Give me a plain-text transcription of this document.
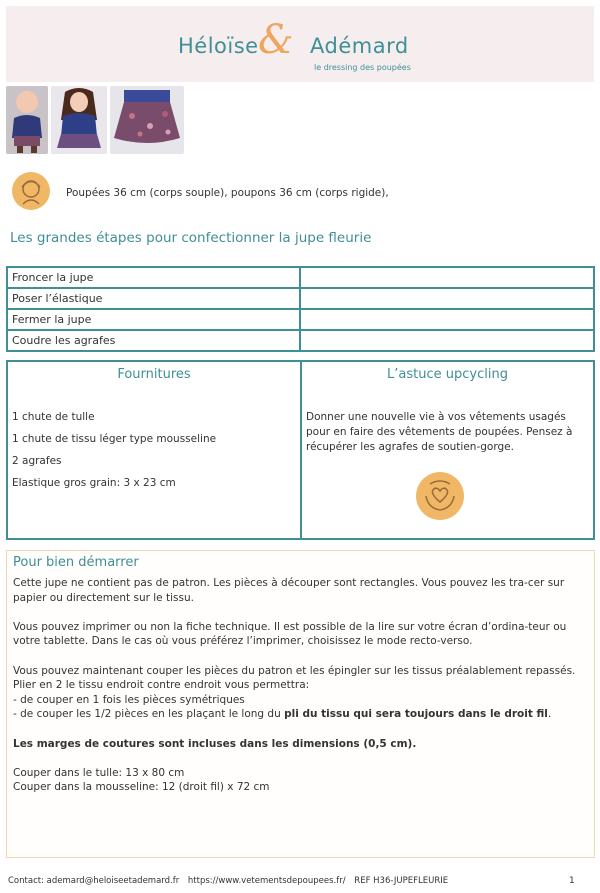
Héloïse & Adémard
le dressing des poupées
Poupées 36 cm (corps souple), poupons 36 cm (corps rigide),
Les grandes étapes pour confectionner la jupe fleurie
Froncer la jupe	
Poser l’élastique	
Fermer la jupe	
Coudre les agrafes	
Fournitures
1 chute de tulle
1 chute de tissu léger type mousseline
2 agrafes
Elastique gros grain: 3 x 23 cm
L’astuce upcycling
Donner une nouvelle vie à vos vêtements usagés pour en faire des vêtements de poupées. Pensez à récupérer les agrafes de soutien-gorge.
Pour bien démarrer

Cette jupe ne contient pas de patron. Les pièces à découper sont rectangles. Vous pouvez les tra-cer sur papier ou directement sur le tissu.

Vous pouvez imprimer ou non la fiche technique. Il est possible de la lire sur votre écran d’ordina-teur ou votre tablette. Dans le cas où vous préférez l’imprimer, choisissez le mode recto-verso.

Vous pouvez maintenant couper les pièces du patron et les épingler sur les tissus préalablement repassés.

Plier en 2 le tissu endroit contre endroit vous permettra:

- de couper en 1 fois les pièces symétriques

- de couper les 1/2 pièces en les plaçant le long du pli du tissu qui sera toujours dans le droit fil.

Les marges de coutures sont incluses dans les dimensions (0,5 cm).

Couper dans le tulle: 13 x 80 cm

Couper dans la mousseline: 12 (droit fil) x 72 cm

Contact: ademard@heloiseetademard.fr https://www.vetementsdepoupees.fr/ REF H36-JUPEFLEURIE	1
